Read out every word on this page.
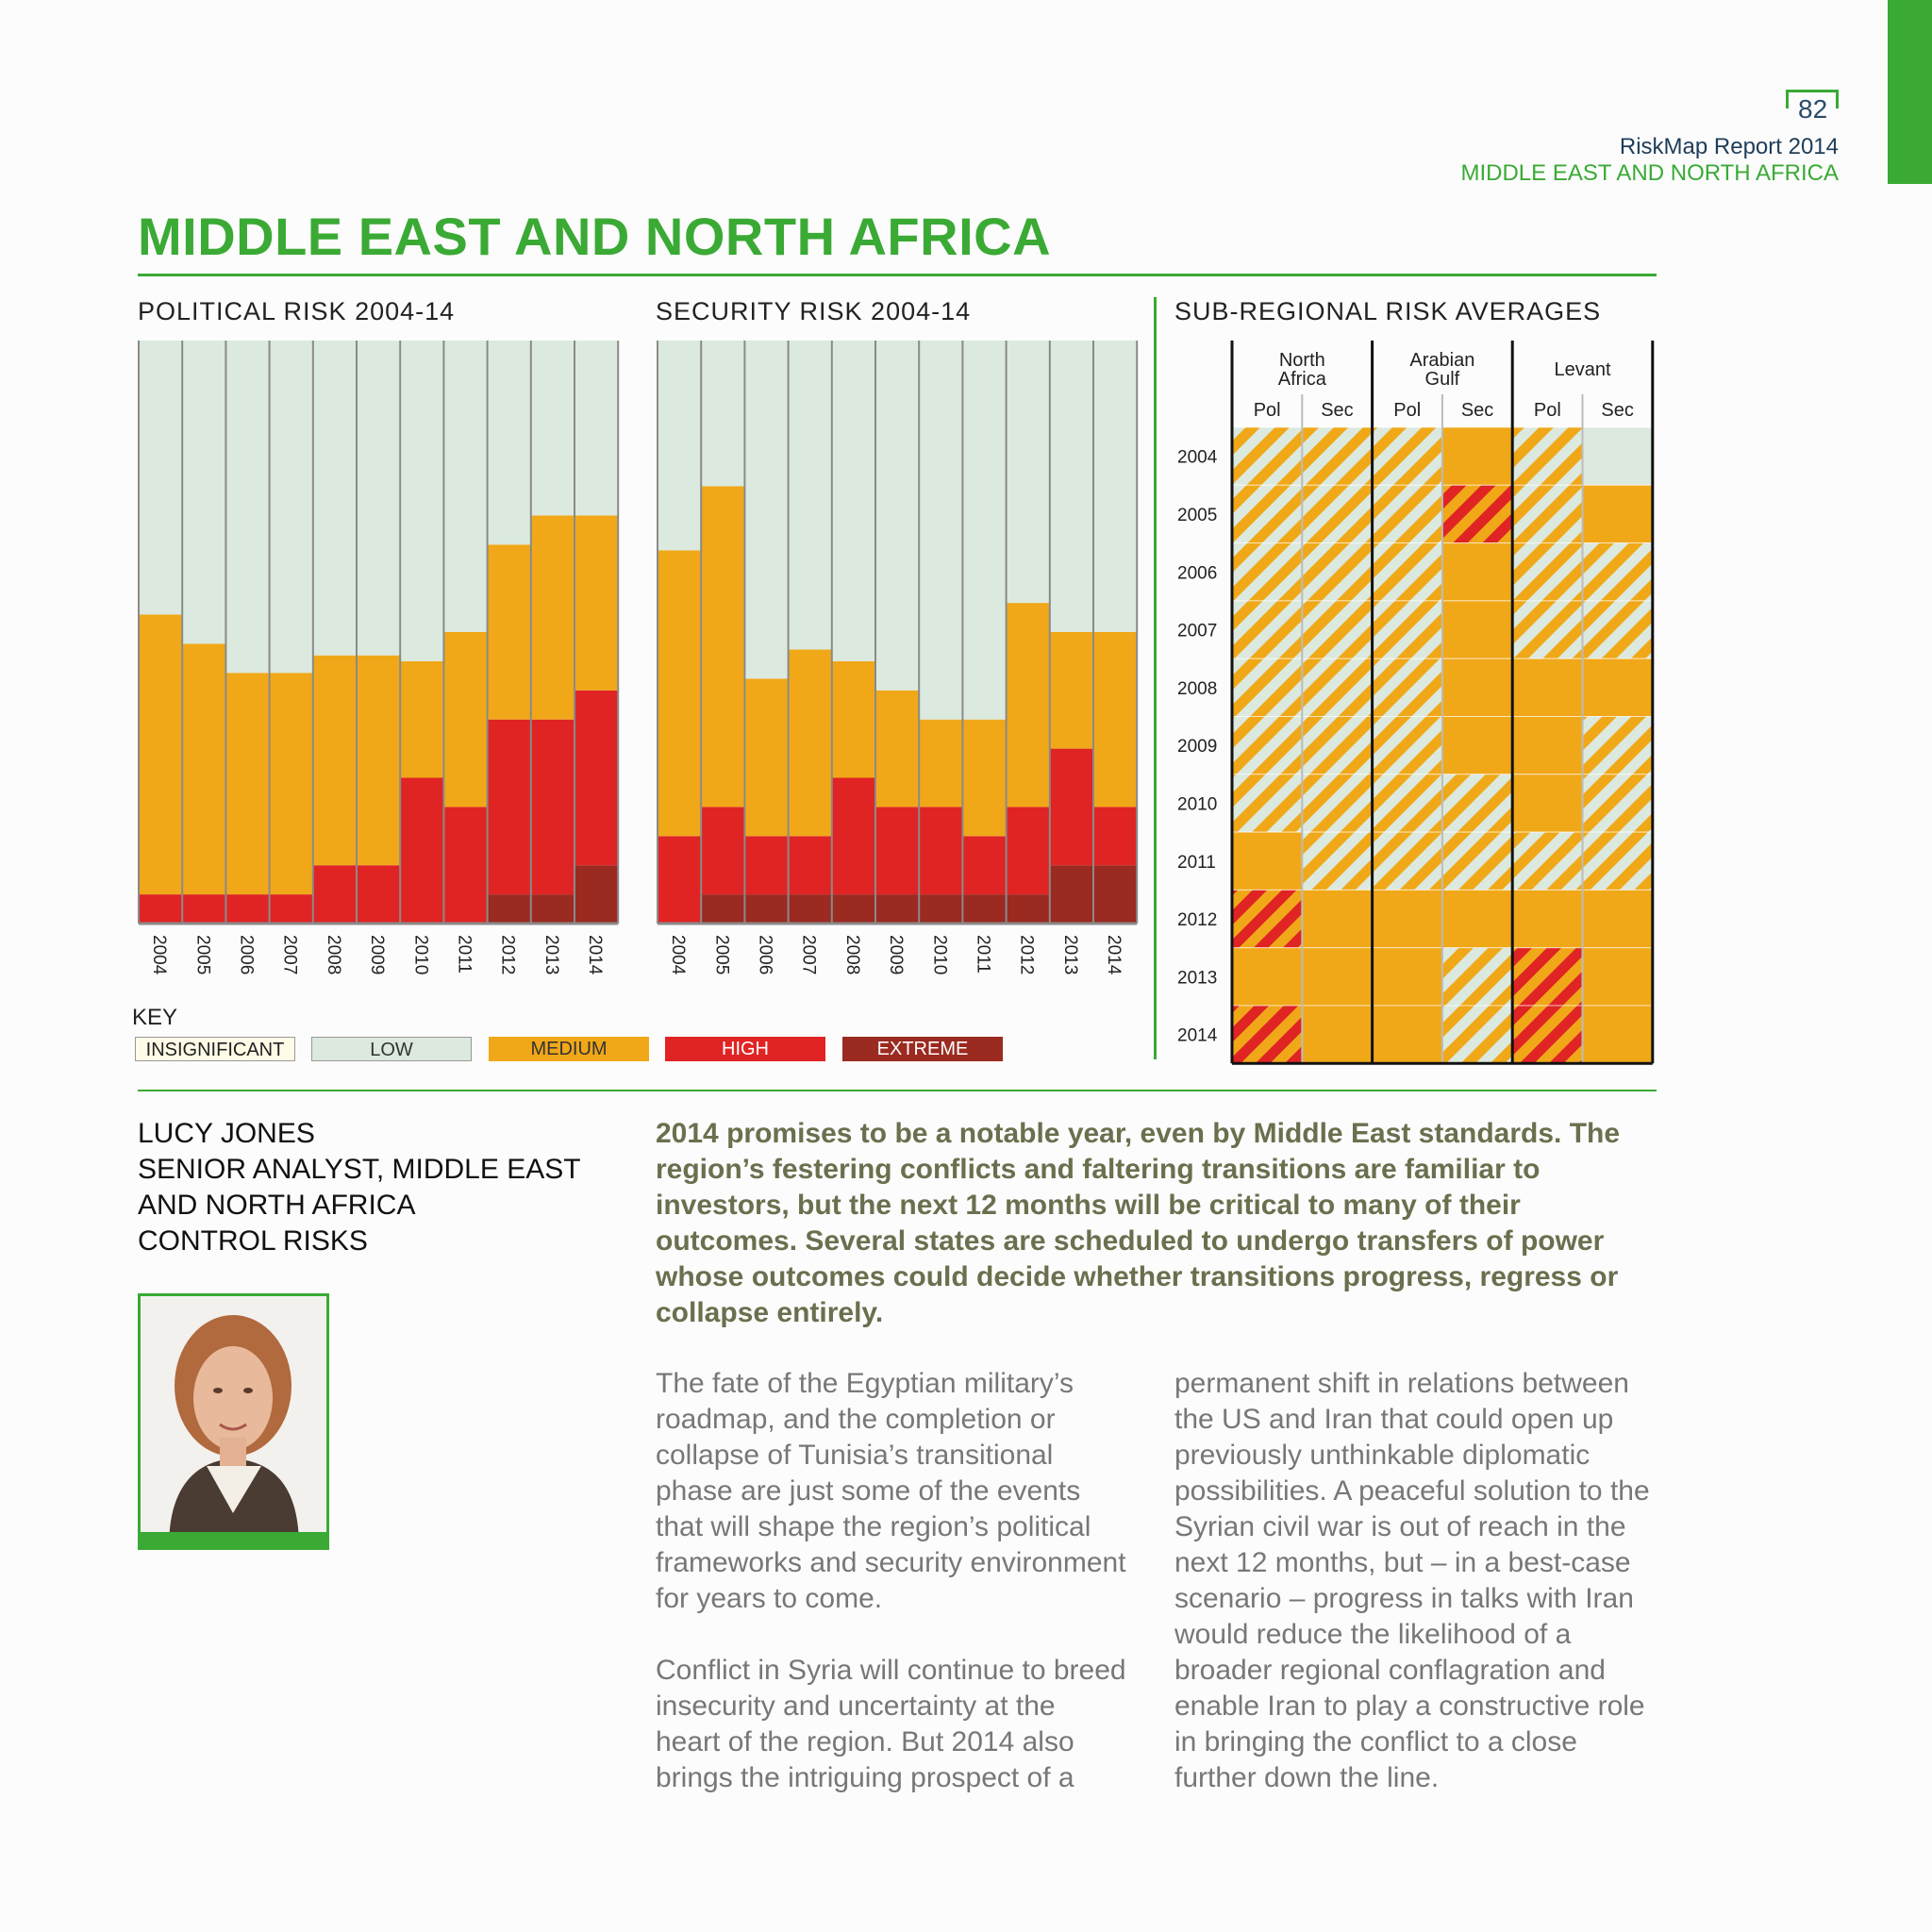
82
RiskMap Report 2014
MIDDLE EAST AND NORTH AFRICA
MIDDLE EAST AND NORTH AFRICA
POLITICAL RISK 2004-14	SECURITY RISK 2004-14	SUB-REGIONAL RISK AVERAGES
2004 2005 2006 2007 2008 2009 2010 2011 2012 2013 2014	2004 2005 2006 2007 2008 2009 2010 2011 2012 2013 2014
2004
2005
2006
2007
2008
2009
2010
2011
2012
2013
2014
North
Africa
Pol Sec
Arabian
Gulf
Pol Sec
Levant
Pol Sec
KEY
INSIGNIFICANT	LOW	MEDIUM	HIGH	EXTREME
LUCY JONES
SENIOR ANALYST, MIDDLE EAST
AND NORTH AFRICA
CONTROL RISKS
2014 promises to be a notable year, even by Middle East standards. The region’s festering conflicts and faltering transitions are familiar to investors, but the next 12 months will be critical to many of their outcomes. Several states are scheduled to undergo transfers of power whose outcomes could decide whether transitions progress, regress or collapse entirely.

The fate of the Egyptian military’s roadmap, and the completion or collapse of Tunisia’s transitional phase are just some of the events that will shape the region’s political frameworks and security environment for years to come.

Conflict in Syria will continue to breed insecurity and uncertainty at the heart of the region. But 2014 also brings the intriguing prospect of a

permanent shift in relations between the US and Iran that could open up previously unthinkable diplomatic possibilities. A peaceful solution to the Syrian civil war is out of reach in the next 12 months, but – in a best-case scenario – progress in talks with Iran would reduce the likelihood of a broader regional conflagration and enable Iran to play a constructive role in bringing the conflict to a close further down the line.
